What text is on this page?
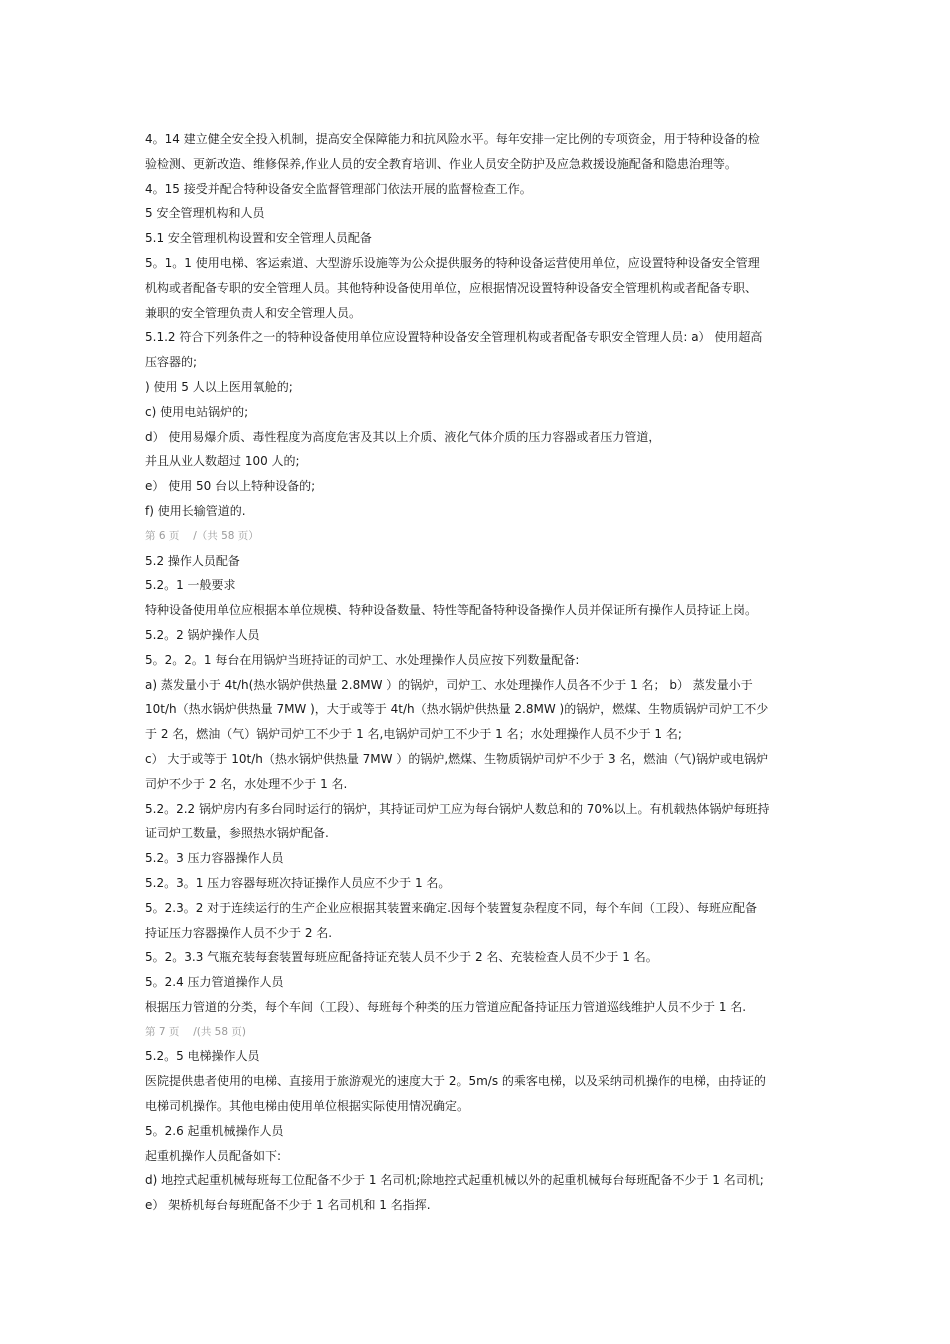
4。14 建立健全安全投入机制，提高安全保障能力和抗风险水平。每年安排一定比例的专项资金，用于特种设备的检
验检测、更新改造、维修保养,作业人员的安全教育培训、作业人员安全防护及应急救援设施配备和隐患治理等。
4。15 接受并配合特种设备安全监督管理部门依法开展的监督检查工作。
5 安全管理机构和人员
5.1 安全管理机构设置和安全管理人员配备
5。1。1 使用电梯、客运索道、大型游乐设施等为公众提供服务的特种设备运营使用单位，应设置特种设备安全管理
机构或者配备专职的安全管理人员。其他特种设备使用单位，应根据情况设置特种设备安全管理机构或者配备专职、
兼职的安全管理负责人和安全管理人员。
5.1.2 符合下列条件之一的特种设备使用单位应设置特种设备安全管理机构或者配备专职安全管理人员: a） 使用超高
压容器的;
) 使用 5 人以上医用氧舱的;
c) 使用电站锅炉的;
d） 使用易爆介质、毒性程度为高度危害及其以上介质、液化气体介质的压力容器或者压力管道，
并且从业人数超过 100 人的;
e） 使用 50 台以上特种设备的;
f) 使用长输管道的.
第 6 页 　/（共 58 页）
5.2 操作人员配备
5.2。1 一般要求
特种设备使用单位应根据本单位规模、特种设备数量、特性等配备特种设备操作人员并保证所有操作人员持证上岗。
5.2。2 锅炉操作人员
5。2。2。1 每台在用锅炉当班持证的司炉工、水处理操作人员应按下列数量配备:
a) 蒸发量小于 4t/h(热水锅炉供热量 2.8MW ）的锅炉，司炉工、水处理操作人员各不少于 1 名； b） 蒸发量小于
10t/h（热水锅炉供热量 7MW )，大于或等于 4t/h（热水锅炉供热量 2.8MW )的锅炉，燃煤、生物质锅炉司炉工不少
于 2 名，燃油（气）锅炉司炉工不少于 1 名,电锅炉司炉工不少于 1 名；水处理操作人员不少于 1 名;
c） 大于或等于 10t/h（热水锅炉供热量 7MW ）的锅炉,燃煤、生物质锅炉司炉不少于 3 名，燃油（气)锅炉或电锅炉
司炉不少于 2 名，水处理不少于 1 名.
5.2。2.2 锅炉房内有多台同时运行的锅炉，其持证司炉工应为每台锅炉人数总和的 70%以上。有机载热体锅炉每班持
证司炉工数量，参照热水锅炉配备.
5.2。3 压力容器操作人员
5.2。3。1 压力容器每班次持证操作人员应不少于 1 名。
5。2.3。2 对于连续运行的生产企业应根据其装置来确定.因每个装置复杂程度不同，每个车间（工段）、每班应配备
持证压力容器操作人员不少于 2 名.
5。2。3.3 气瓶充装每套装置每班应配备持证充装人员不少于 2 名、充装检查人员不少于 1 名。
5。2.4 压力管道操作人员
根据压力管道的分类，每个车间（工段）、每班每个种类的压力管道应配备持证压力管道巡线维护人员不少于 1 名.
第 7 页 　/(共 58 页)
5.2。5 电梯操作人员
医院提供患者使用的电梯、直接用于旅游观光的速度大于 2。5m/s 的乘客电梯，以及采纳司机操作的电梯，由持证的
电梯司机操作。其他电梯由使用单位根据实际使用情况确定。
5。2.6 起重机械操作人员
起重机操作人员配备如下:
d) 地控式起重机械每班每工位配备不少于 1 名司机;除地控式起重机械以外的起重机械每台每班配备不少于 1 名司机;
e） 架桥机每台每班配备不少于 1 名司机和 1 名指挥.
